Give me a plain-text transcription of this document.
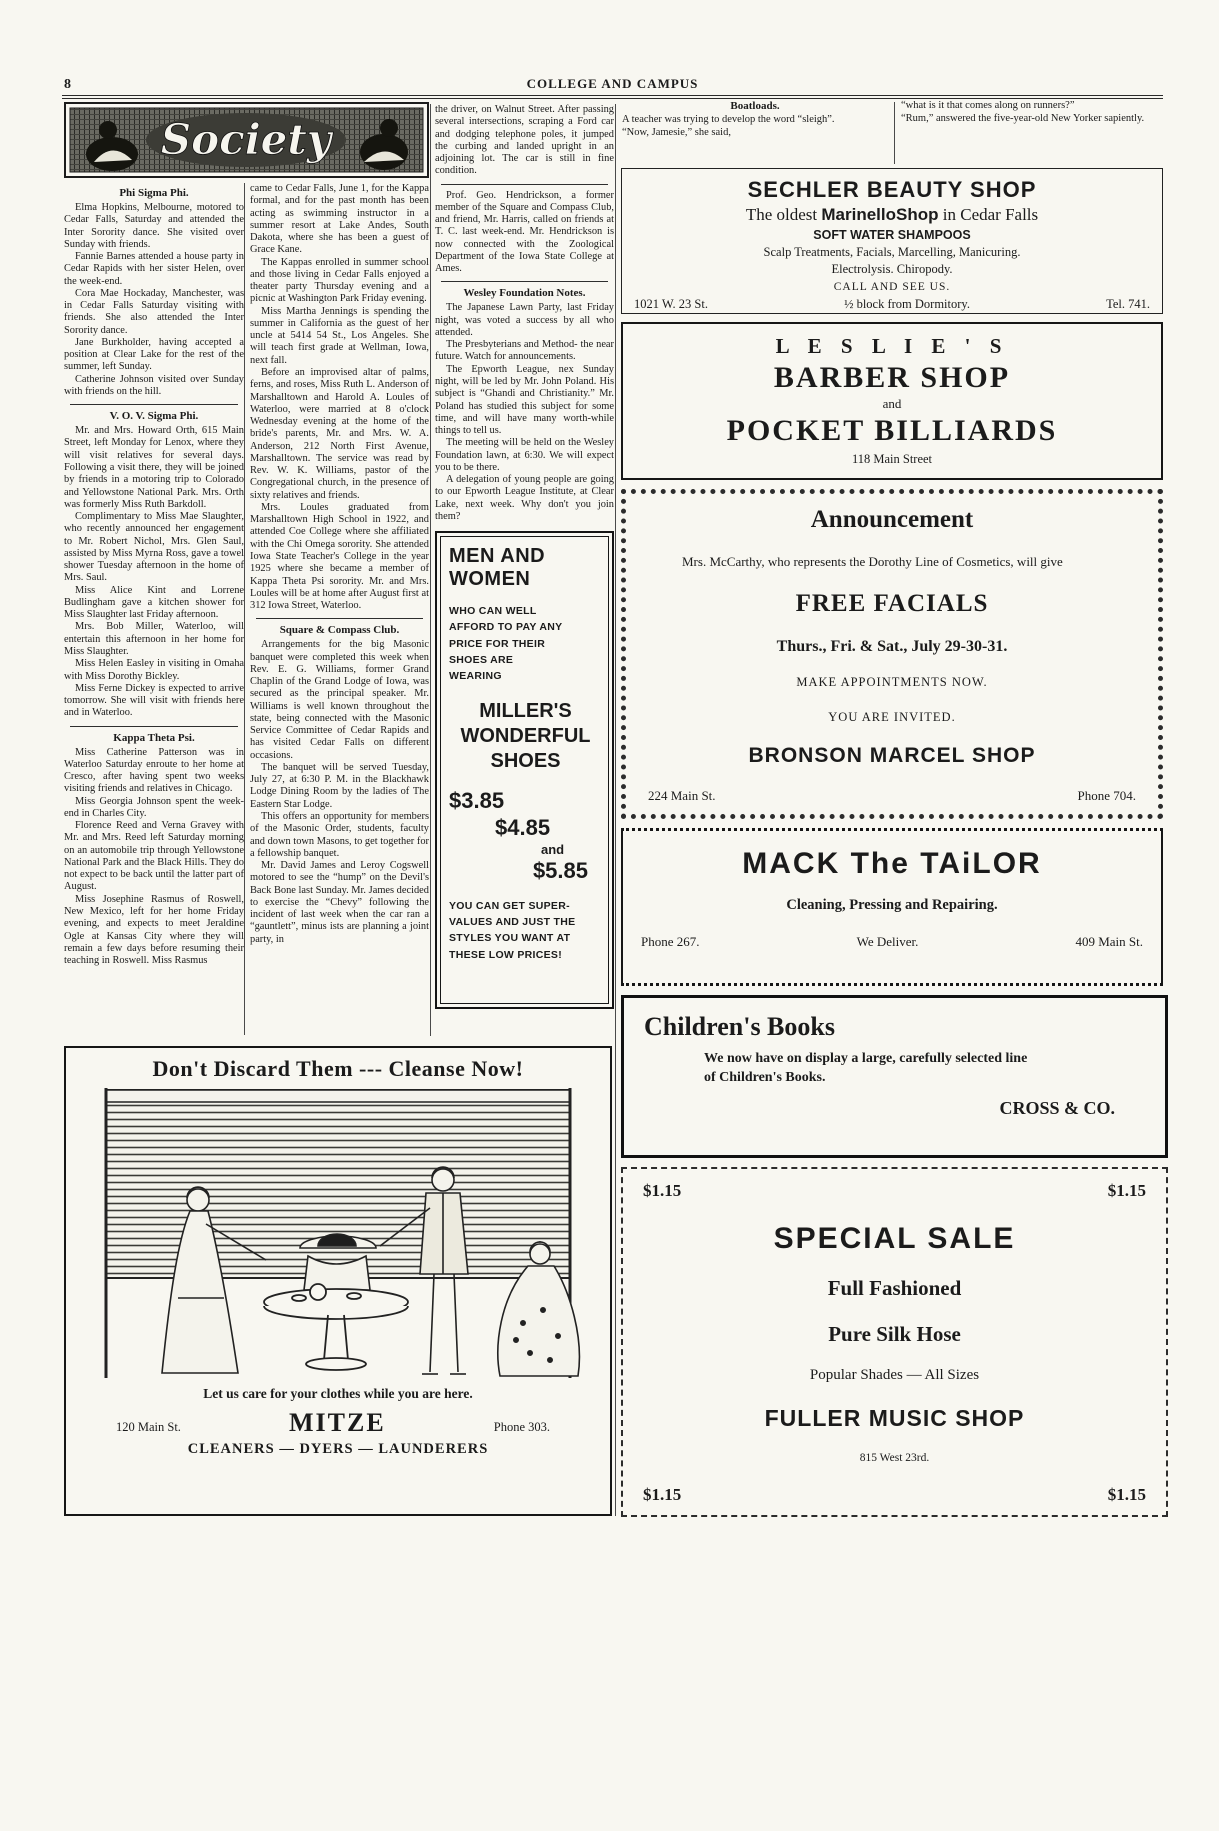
8	COLLEGE AND CAMPUS
Society
Phi Sigma Phi.

Elma Hopkins, Melbourne, motored to Cedar Falls, Saturday and attended the Inter Sorority dance. She visited over Sunday with friends.

Fannie Barnes attended a house party in Cedar Rapids with her sister Helen, over the week-end.

Cora Mae Hockaday, Manchester, was in Cedar Falls Saturday visiting with friends. She also attended the Inter Sorority dance.

Jane Burkholder, having accepted a position at Clear Lake for the rest of the summer, left Sunday.

Catherine Johnson visited over Sunday with friends on the hill.

V. O. V. Sigma Phi.

Mr. and Mrs. Howard Orth, 615 Main Street, left Monday for Lenox, where they will visit relatives for several days. Following a visit there, they will be joined by friends in a motoring trip to Colorado and Yellowstone National Park. Mrs. Orth was formerly Miss Ruth Barkdoll.

Complimentary to Miss Mae Slaughter, who recently announced her engagement to Mr. Robert Nichol, Mrs. Glen Saul, assisted by Miss Myrna Ross, gave a towel shower Tuesday afternoon in the home of Mrs. Saul.

Miss Alice Kint and Lorrene Budlingham gave a kitchen shower for Miss Slaughter last Friday afternoon.

Mrs. Bob Miller, Waterloo, will entertain this afternoon in her home for Miss Slaughter.

Miss Helen Easley in visiting in Omaha with Miss Dorothy Bickley.

Miss Ferne Dickey is expected to arrive tomorrow. She will visit with friends here and in Waterloo.

Kappa Theta Psi.

Miss Catherine Patterson was in Waterloo Saturday enroute to her home at Cresco, after having spent two weeks visiting friends and relatives in Chicago.

Miss Georgia Johnson spent the week-end in Charles City.

Florence Reed and Verna Gravey with Mr. and Mrs. Reed left Saturday morning on an automobile trip through Yellowstone National Park and the Black Hills. They do not expect to be back until the latter part of August.

Miss Josephine Rasmus of Roswell, New Mexico, left for her home Friday evening, and expects to meet Jeraldine Ogle at Kansas City where they will remain a few days before resuming their teaching in Roswell. Miss Rasmus

came to Cedar Falls, June 1, for the Kappa formal, and for the past month has been acting as swimming instructor in a summer resort at Lake Andes, South Dakota, where she has been a guest of Grace Kane.

The Kappas enrolled in summer school and those living in Cedar Falls enjoyed a theater party Thursday evening and a picnic at Washington Park Friday evening.

Miss Martha Jennings is spending the summer in California as the guest of her uncle at 5414 54 St., Los Angeles. She will teach first grade at Wellman, Iowa, next fall.

Before an improvised altar of palms, ferns, and roses, Miss Ruth L. Anderson of Marshalltown and Harold A. Loules of Waterloo, were married at 8 o'clock Wednesday evening at the home of the bride's parents, Mr. and Mrs. W. A. Anderson, 212 North First Avenue, Marshalltown. The service was read by Rev. W. K. Williams, pastor of the Congregational church, in the presence of sixty relatives and friends.

Mrs. Loules graduated from Marshalltown High School in 1922, and attended Coe College where she affiliated with the Chi Omega sorority. She attended Iowa State Teacher's College in the year 1925 where she became a member of Kappa Theta Psi sorority. Mr. and Mrs. Loules will be at home after August first at 312 Iowa Street, Waterloo.

Square & Compass Club.

Arrangements for the big Masonic banquet were completed this week when Rev. E. G. Williams, former Grand Chaplin of the Grand Lodge of Iowa, was secured as the principal speaker. Mr. Williams is well known throughout the state, being connected with the Masonic Service Committee of Cedar Rapids and has visited Cedar Falls on different occasions.

The banquet will be served Tuesday, July 27, at 6:30 P. M. in the Blackhawk Lodge Dining Room by the ladies of The Eastern Star Lodge.

This offers an opportunity for members of the Masonic Order, students, faculty and down town Masons, to get together for a fellowship banquet.

Mr. David James and Leroy Cogswell motored to see the “hump” on the Devil's Back Bone last Sunday. Mr. James decided to exercise the “Chevy” following the incident of last week when the car ran a “gauntlett”, minus ists are planning a joint party, in

the driver, on Walnut Street. After passing several intersections, scraping a Ford car and dodging telephone poles, it jumped the curbing and landed upright in an adjoining lot. The car is still in fine condition.

Prof. Geo. Hendrickson, a former member of the Square and Compass Club, and friend, Mr. Harris, called on friends at T. C. last week-end. Mr. Hendrickson is now connected with the Zoological Department of the Iowa State College at Ames.

Wesley Foundation Notes.

The Japanese Lawn Party, last Friday night, was voted a success by all who attended.

The Presbyterians and Method- the near future. Watch for announcements.

The Epworth League, nex Sunday night, will be led by Mr. John Poland. His subject is “Ghandi and Christianity.” Mr. Poland has studied this subject for some time, and will have many worth-while things to tell us.

The meeting will be held on the Wesley Foundation lawn, at 6:30. We will expect you to be there.

A delegation of young people are going to our Epworth League Institute, at Clear Lake, next week. Why don't you join them?

MEN AND
WOMEN
WHO CAN WELL AFFORD TO PAY ANY PRICE FOR THEIR SHOES ARE WEARING
MILLER'S
WONDERFUL
SHOES
$3.85
$4.85
and
$5.85
YOU CAN GET SUPER-VALUES AND JUST THE STYLES YOU WANT AT THESE LOW PRICES!
Boatloads.

A teacher was trying to develop the word “sleigh”.

“Now, Jamesie,” she said,

“what is it that comes along on runners?”

“Rum,” answered the five-year-old New Yorker sapiently.

SECHLER BEAUTY SHOP
The oldest MarinelloShop in Cedar Falls
SOFT WATER SHAMPOOS
Scalp Treatments, Facials, Marcelling, Manicuring.
Electrolysis. Chiropody.
CALL AND SEE US.
1021 W. 23 St.	½ block from Dormitory.	Tel. 741.
L E S L I E ' S
BARBER SHOP
and
POCKET BILLIARDS
118 Main Street
Announcement
Mrs. McCarthy, who represents the Dorothy Line of Cosmetics, will give
FREE FACIALS
Thurs., Fri. & Sat., July 29-30-31.
MAKE APPOINTMENTS NOW.
YOU ARE INVITED.
BRONSON MARCEL SHOP
224 Main St.	Phone 704.
MACK The TAiLOR
Cleaning, Pressing and Repairing.
Phone 267.	We Deliver.	409 Main St.
Children's Books
We now have on display a large, carefully selected line of Children's Books.
CROSS & CO.
$1.15	$1.15
SPECIAL SALE
Full Fashioned
Pure Silk Hose
Popular Shades — All Sizes
FULLER MUSIC SHOP
815 West 23rd.
$1.15	$1.15
Don't Discard Them --- Cleanse Now!
Let us care for your clothes while you are here.
120 Main St.	MITZE	Phone 303.
CLEANERS — DYERS — LAUNDERERS
